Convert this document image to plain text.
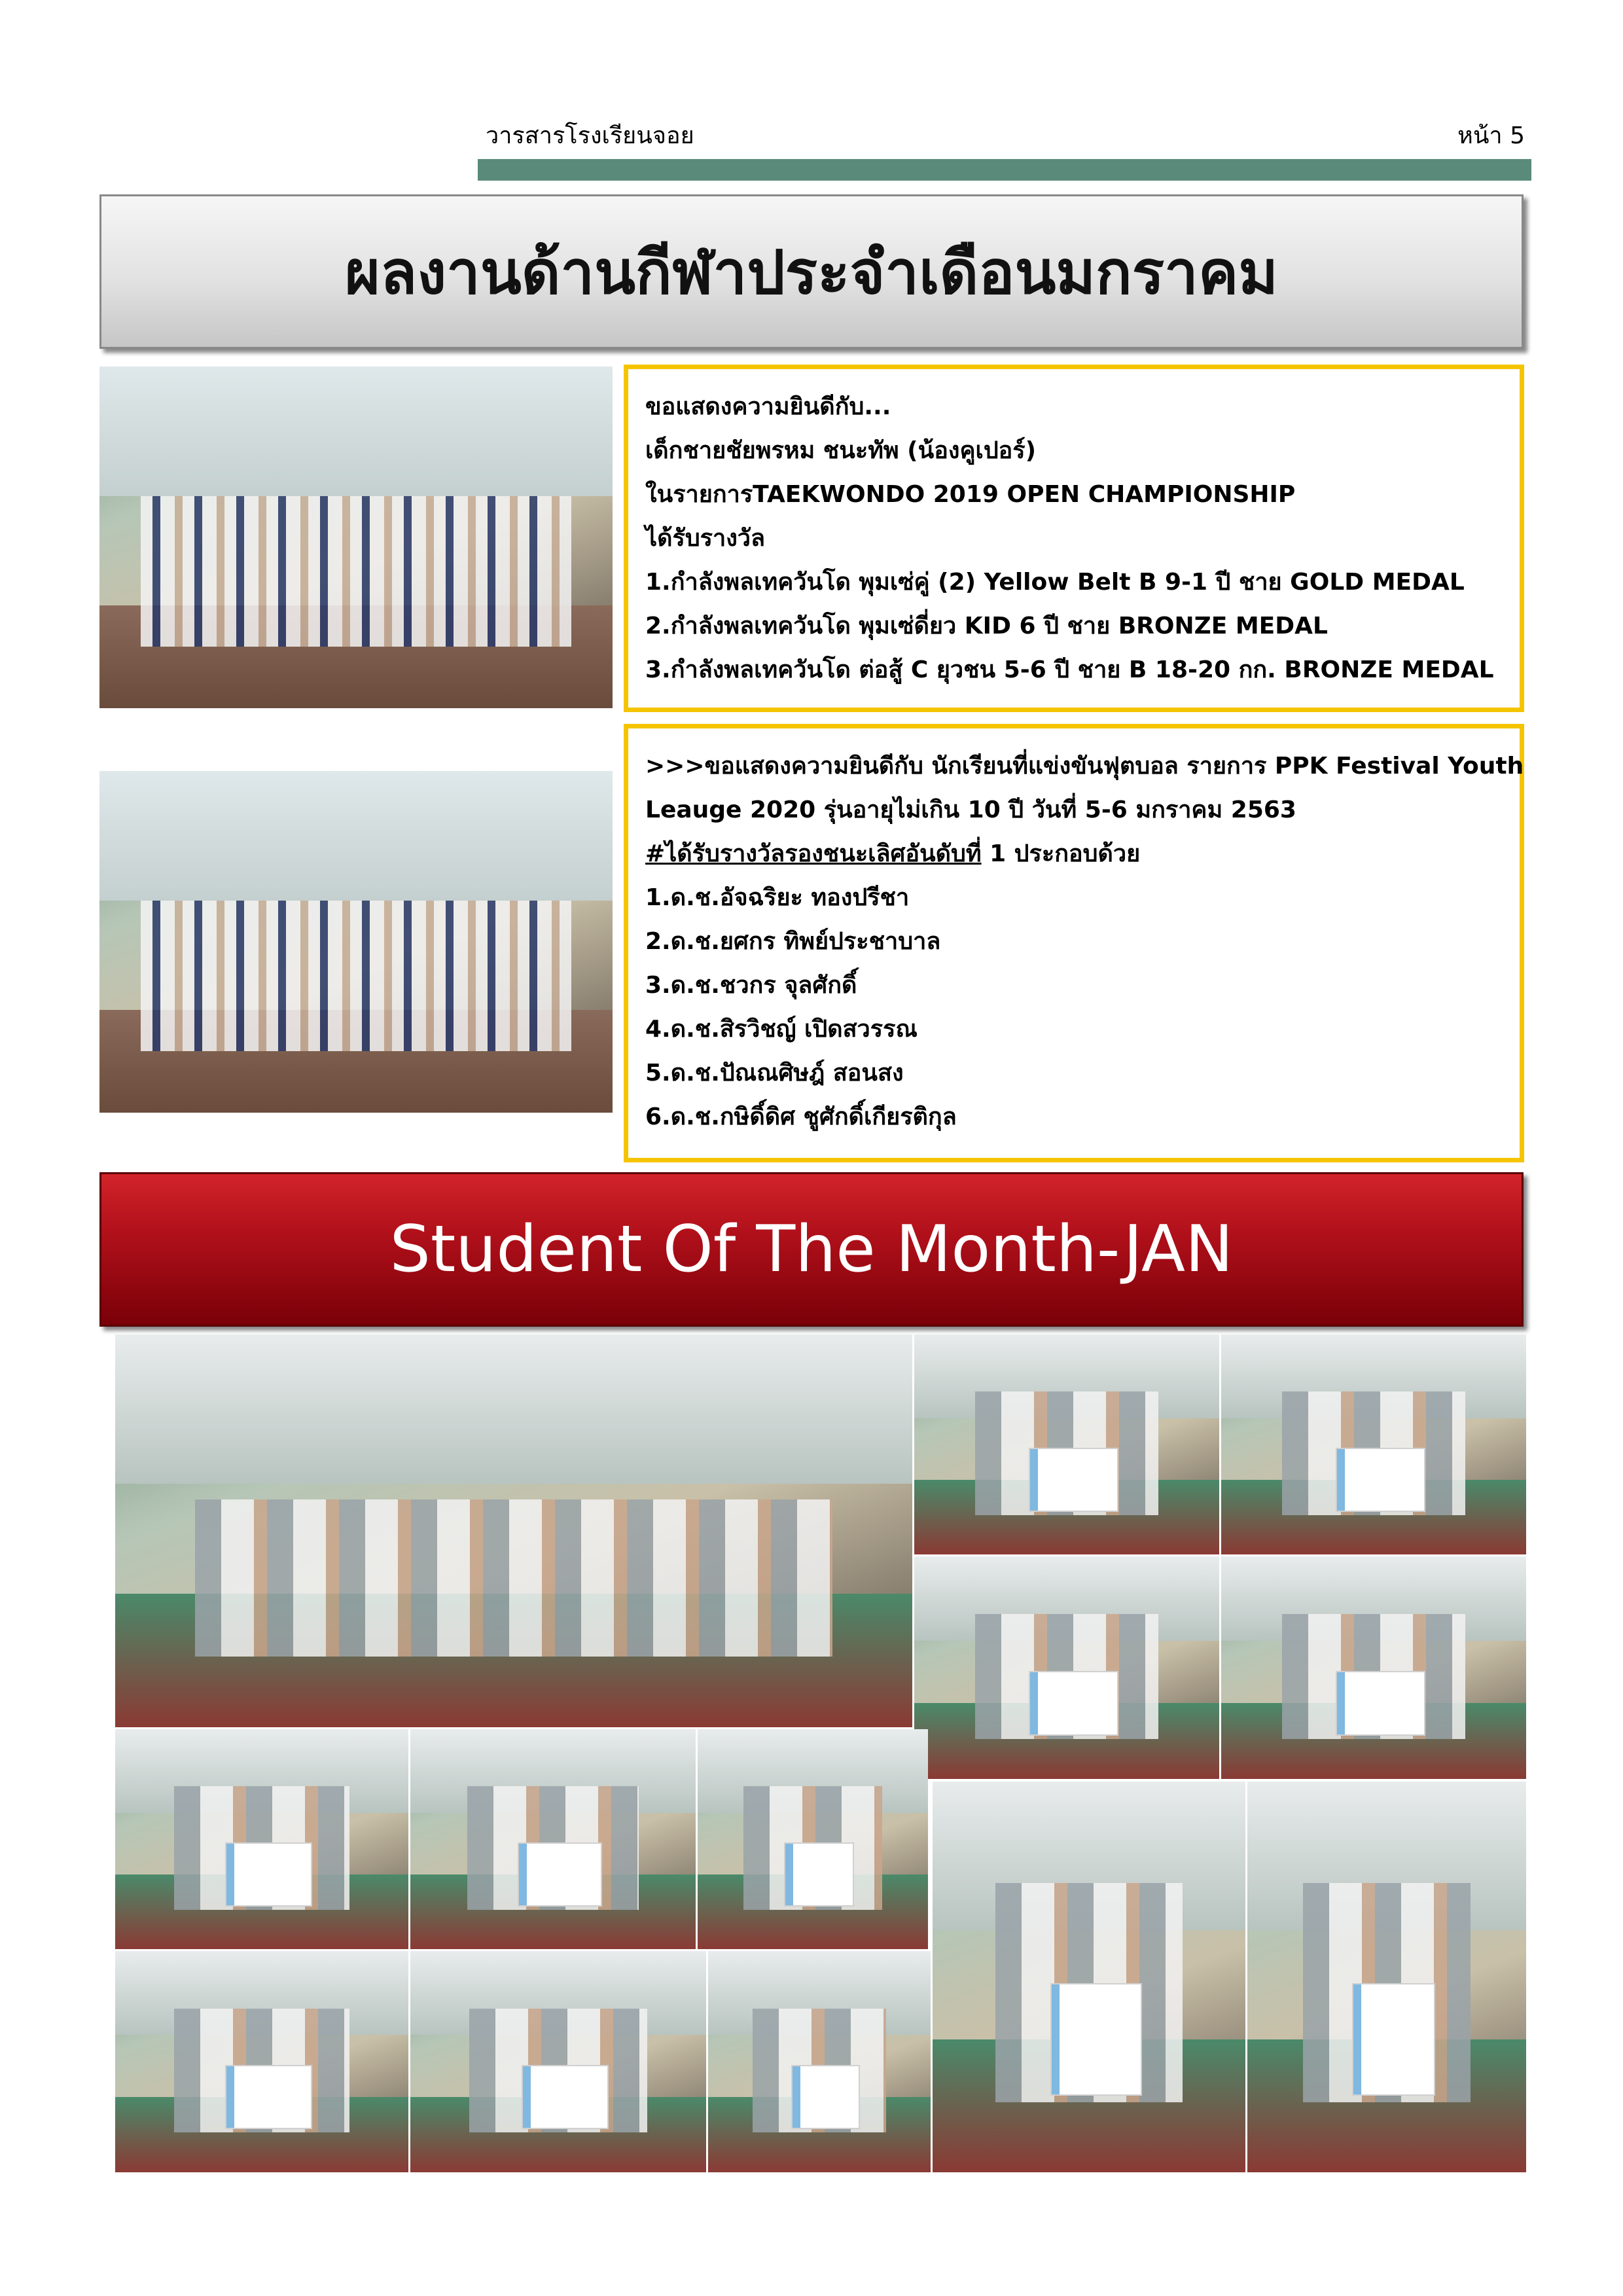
วารสารโรงเรียนจอย	หน้า 5
ผลงานด้านกีฬาประจำเดือนมกราคม
ขอแสดงความยินดีกับ...
เด็กชายชัยพรหม ชนะทัพ (น้องคูเปอร์)
ในรายการTAEKWONDO 2019 OPEN CHAMPIONSHIP
ได้รับรางวัล
1.กำลังพลเทควันโด พุมเซ่คู่ (2) Yellow Belt B 9-1 ปี ชาย GOLD MEDAL
2.กำลังพลเทควันโด พุมเซ่ดี่ยว KID 6 ปี ชาย BRONZE MEDAL
3.กำลังพลเทควันโด ต่อสู้ C ยุวชน 5-6 ปี ชาย B 18-20 กก. BRONZE MEDAL
>>>ขอแสดงความยินดีกับ นักเรียนที่แข่งขันฟุตบอล รายการ PPK Festival Youth
Leauge 2020 รุ่นอายุไม่เกิน 10 ปี วันที่ 5-6 มกราคม 2563
#ได้รับรางวัลรองชนะเลิศอันดับที่ 1 ประกอบด้วย
1.ด.ช.อัจฉริยะ ทองปรีชา
2.ด.ช.ยศกร ทิพย์ประชาบาล
3.ด.ช.ชวกร จุลศักดิ์
4.ด.ช.สิรวิชญ์ เปิดสวรรณ
5.ด.ช.ปัณณศิษฎ์ สอนสง
6.ด.ช.กษิดิ์ดิศ ชูศักดิ์เกียรติกุล
Student Of The Month-JAN
